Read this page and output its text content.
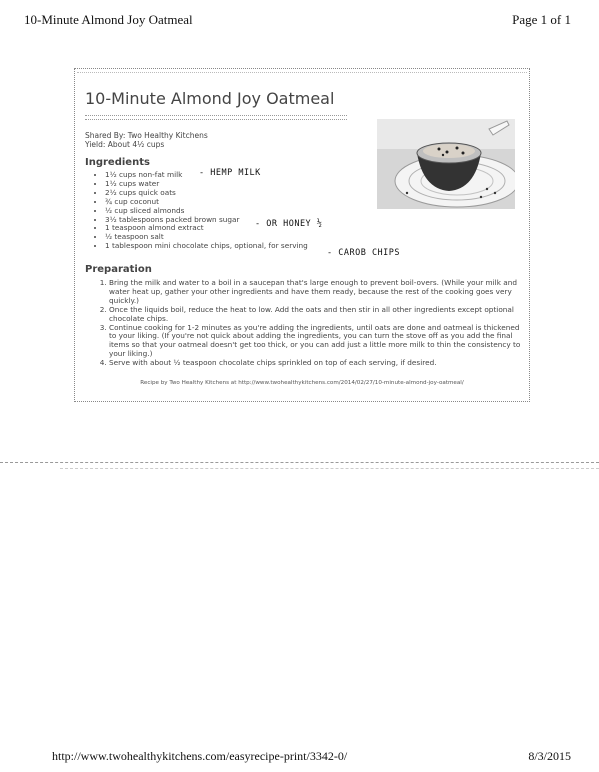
10-Minute Almond Joy Oatmeal	Page 1 of 1
10-Minute Almond Joy Oatmeal
Shared By: Two Healthy Kitchens
Yield: About 4½ cups
Ingredients
• 1½ cups non-fat milk
• 1½ cups water
• 2½ cups quick oats
• ¾ cup coconut
• ½ cup sliced almonds
• 3½ tablespoons packed brown sugar
• 1 teaspoon almond extract
• ½ teaspoon salt
• 1 tablespoon mini chocolate chips, optional, for serving
- HEMP MILK
- OR HONEY ½
- CAROB CHIPS
Preparation
1. Bring the milk and water to a boil in a saucepan that's large enough to prevent boil-overs. (While your milk and water heat up, gather your other ingredients and have them ready, because the rest of the cooking goes very quickly.)
2. Once the liquids boil, reduce the heat to low. Add the oats and then stir in all other ingredients except optional chocolate chips.
3. Continue cooking for 1-2 minutes as you're adding the ingredients, until oats are done and oatmeal is thickened to your liking. (If you're not quick about adding the ingredients, you can turn the stove off as you add the final items so that your oatmeal doesn't get too thick, or you can add just a little more milk to thin the consistency to your liking.)
4. Serve with about ½ teaspoon chocolate chips sprinkled on top of each serving, if desired.
Recipe by Two Healthy Kitchens at http://www.twohealthykitchens.com/2014/02/27/10-minute-almond-joy-oatmeal/
http://www.twohealthykitchens.com/easyrecipe-print/3342-0/	8/3/2015
